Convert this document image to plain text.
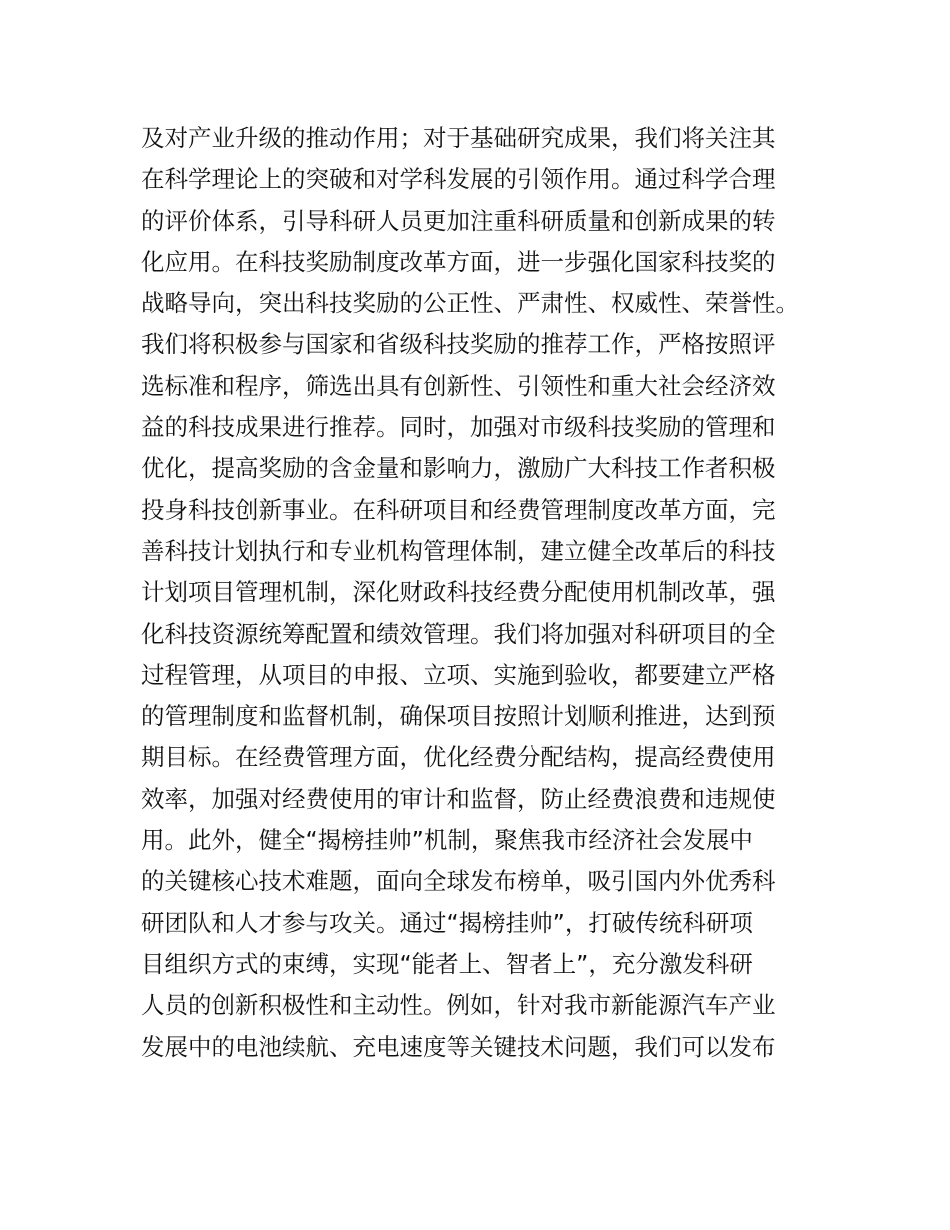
及对产业升级的推动作用；对于基础研究成果，我们将关注其
在科学理论上的突破和对学科发展的引领作用。通过科学合理
的评价体系，引导科研人员更加注重科研质量和创新成果的转
化应用。在科技奖励制度改革方面，进一步强化国家科技奖的
战略导向，突出科技奖励的公正性、严肃性、权威性、荣誉性。
我们将积极参与国家和省级科技奖励的推荐工作，严格按照评
选标准和程序，筛选出具有创新性、引领性和重大社会经济效
益的科技成果进行推荐。同时，加强对市级科技奖励的管理和
优化，提高奖励的含金量和影响力，激励广大科技工作者积极
投身科技创新事业。在科研项目和经费管理制度改革方面，完
善科技计划执行和专业机构管理体制，建立健全改革后的科技
计划项目管理机制，深化财政科技经费分配使用机制改革，强
化科技资源统筹配置和绩效管理。我们将加强对科研项目的全
过程管理，从项目的申报、立项、实施到验收，都要建立严格
的管理制度和监督机制，确保项目按照计划顺利推进，达到预
期目标。在经费管理方面，优化经费分配结构，提高经费使用
效率，加强对经费使用的审计和监督，防止经费浪费和违规使
用。此外，健全“揭榜挂帅”机制，聚焦我市经济社会发展中
的关键核心技术难题，面向全球发布榜单，吸引国内外优秀科
研团队和人才参与攻关。通过“揭榜挂帅”，打破传统科研项
目组织方式的束缚，实现“能者上、智者上”，充分激发科研
人员的创新积极性和主动性。例如，针对我市新能源汽车产业
发展中的电池续航、充电速度等关键技术问题，我们可以发布
